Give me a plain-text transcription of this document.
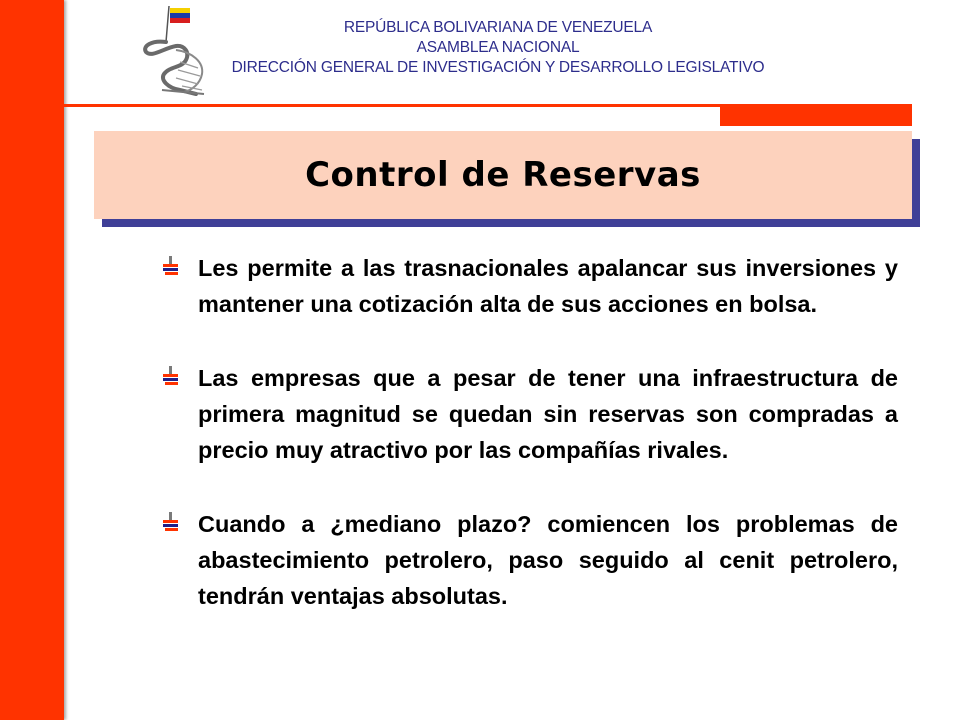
REPÚBLICA BOLIVARIANA DE VENEZUELA
ASAMBLEA NACIONAL
DIRECCIÓN GENERAL DE INVESTIGACIÓN Y DESARROLLO LEGISLATIVO
Control de Reservas
Les permite a las trasnacionales apalancar sus inversiones y mantener una cotización alta de sus acciones en bolsa.
Las empresas que a pesar de tener una infraestructura de primera magnitud se quedan sin reservas son compradas a precio muy atractivo por las compañías rivales.
Cuando a ¿mediano plazo? comiencen los problemas de abastecimiento petrolero, paso seguido al cenit petrolero, tendrán ventajas absolutas.
